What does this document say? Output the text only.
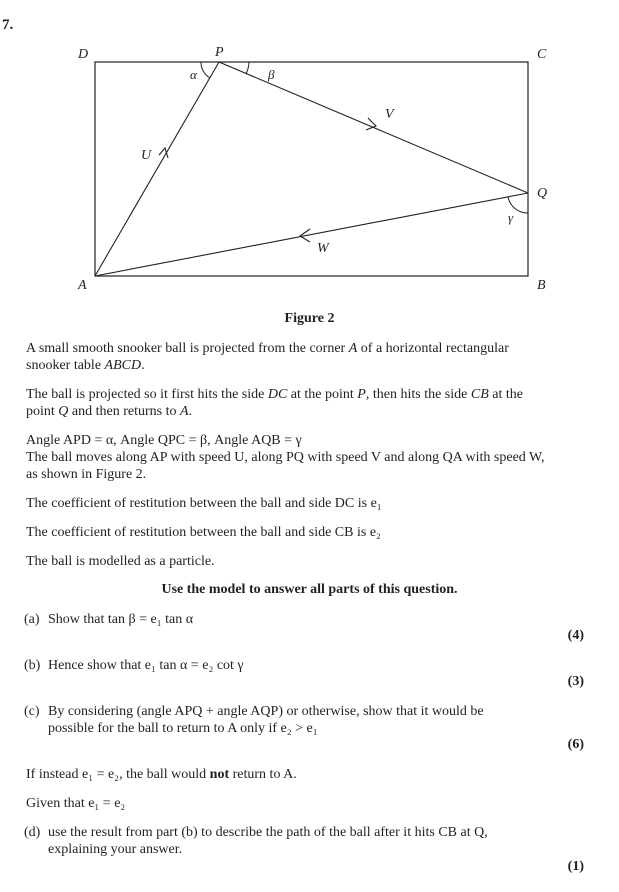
7.
D	P	C
Q
A	B
α	β
γ
U
V
W
Figure 2
A small smooth snooker ball is projected from the corner A of a horizontal rectangular snooker table ABCD.
The ball is projected so it first hits the side DC at the point P, then hits the side CB at the point Q and then returns to A.
Angle APD = α, Angle QPC = β, Angle AQB = γ
The ball moves along AP with speed U, along PQ with speed V and along QA with speed W, as shown in Figure 2.
The coefficient of restitution between the ball and side DC is e₁
The coefficient of restitution between the ball and side CB is e₂
The ball is modelled as a particle.
Use the model to answer all parts of this question.
(a) Show that tan β = e₁ tan α
(4)
(b) Hence show that e₁ tan α = e₂ cot γ
(3)
(c) By considering (angle APQ + angle AQP) or otherwise, show that it would be possible for the ball to return to A only if e₂ > e₁
(6)
If instead e₁ = e₂, the ball would not return to A.
Given that e₁ = e₂
(d) use the result from part (b) to describe the path of the ball after it hits CB at Q, explaining your answer.
(1)
